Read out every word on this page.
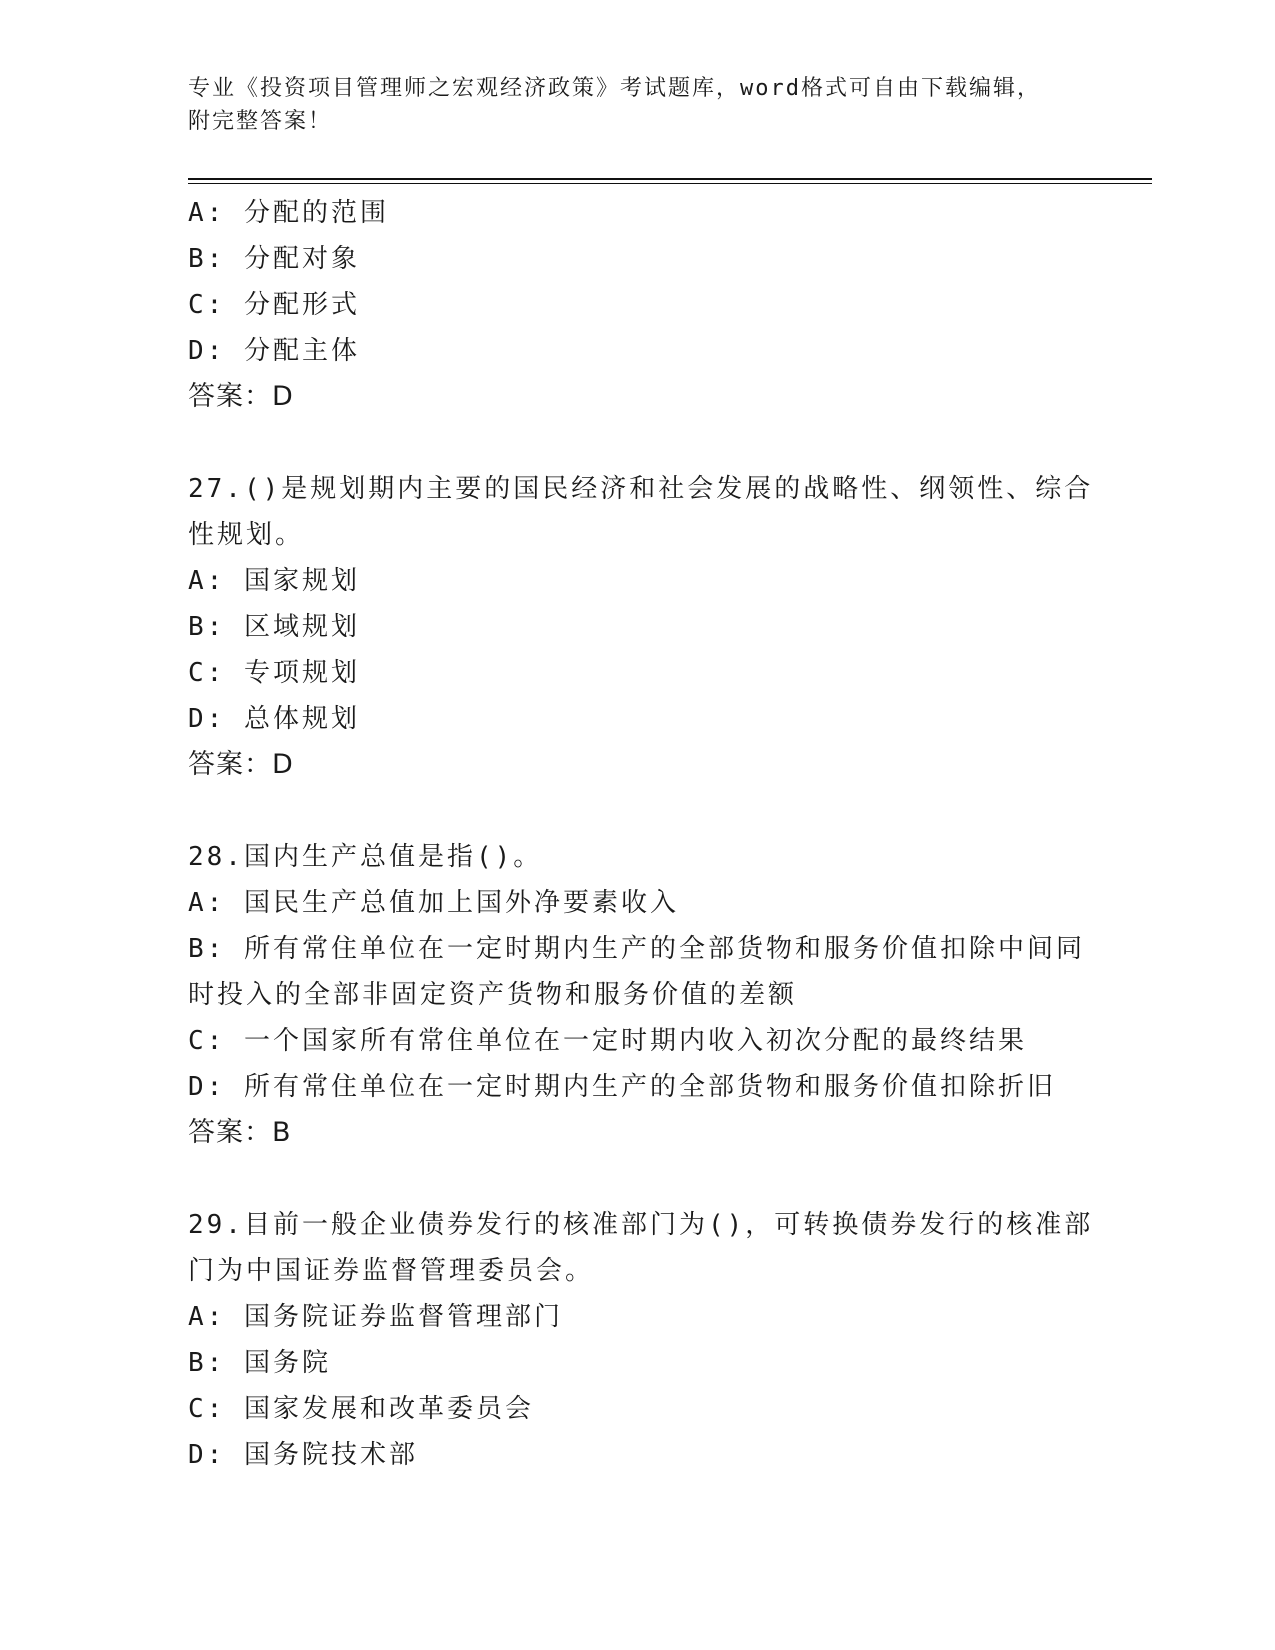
专业《投资项目管理师之宏观经济政策》考试题库，word格式可自由下载编辑，
附完整答案！
A: 分配的范围
B: 分配对象
C: 分配形式
D: 分配主体
答案：D
27.()是规划期内主要的国民经济和社会发展的战略性、纲领性、综合
性规划。
A: 国家规划
B: 区域规划
C: 专项规划
D: 总体规划
答案：D
28.国内生产总值是指()。
A: 国民生产总值加上国外净要素收入
B: 所有常住单位在一定时期内生产的全部货物和服务价值扣除中间同
时投入的全部非固定资产货物和服务价值的差额
C: 一个国家所有常住单位在一定时期内收入初次分配的最终结果
D: 所有常住单位在一定时期内生产的全部货物和服务价值扣除折旧
答案：B
29.目前一般企业债券发行的核准部门为()，可转换债券发行的核准部
门为中国证券监督管理委员会。
A: 国务院证券监督管理部门
B: 国务院
C: 国家发展和改革委员会
D: 国务院技术部
